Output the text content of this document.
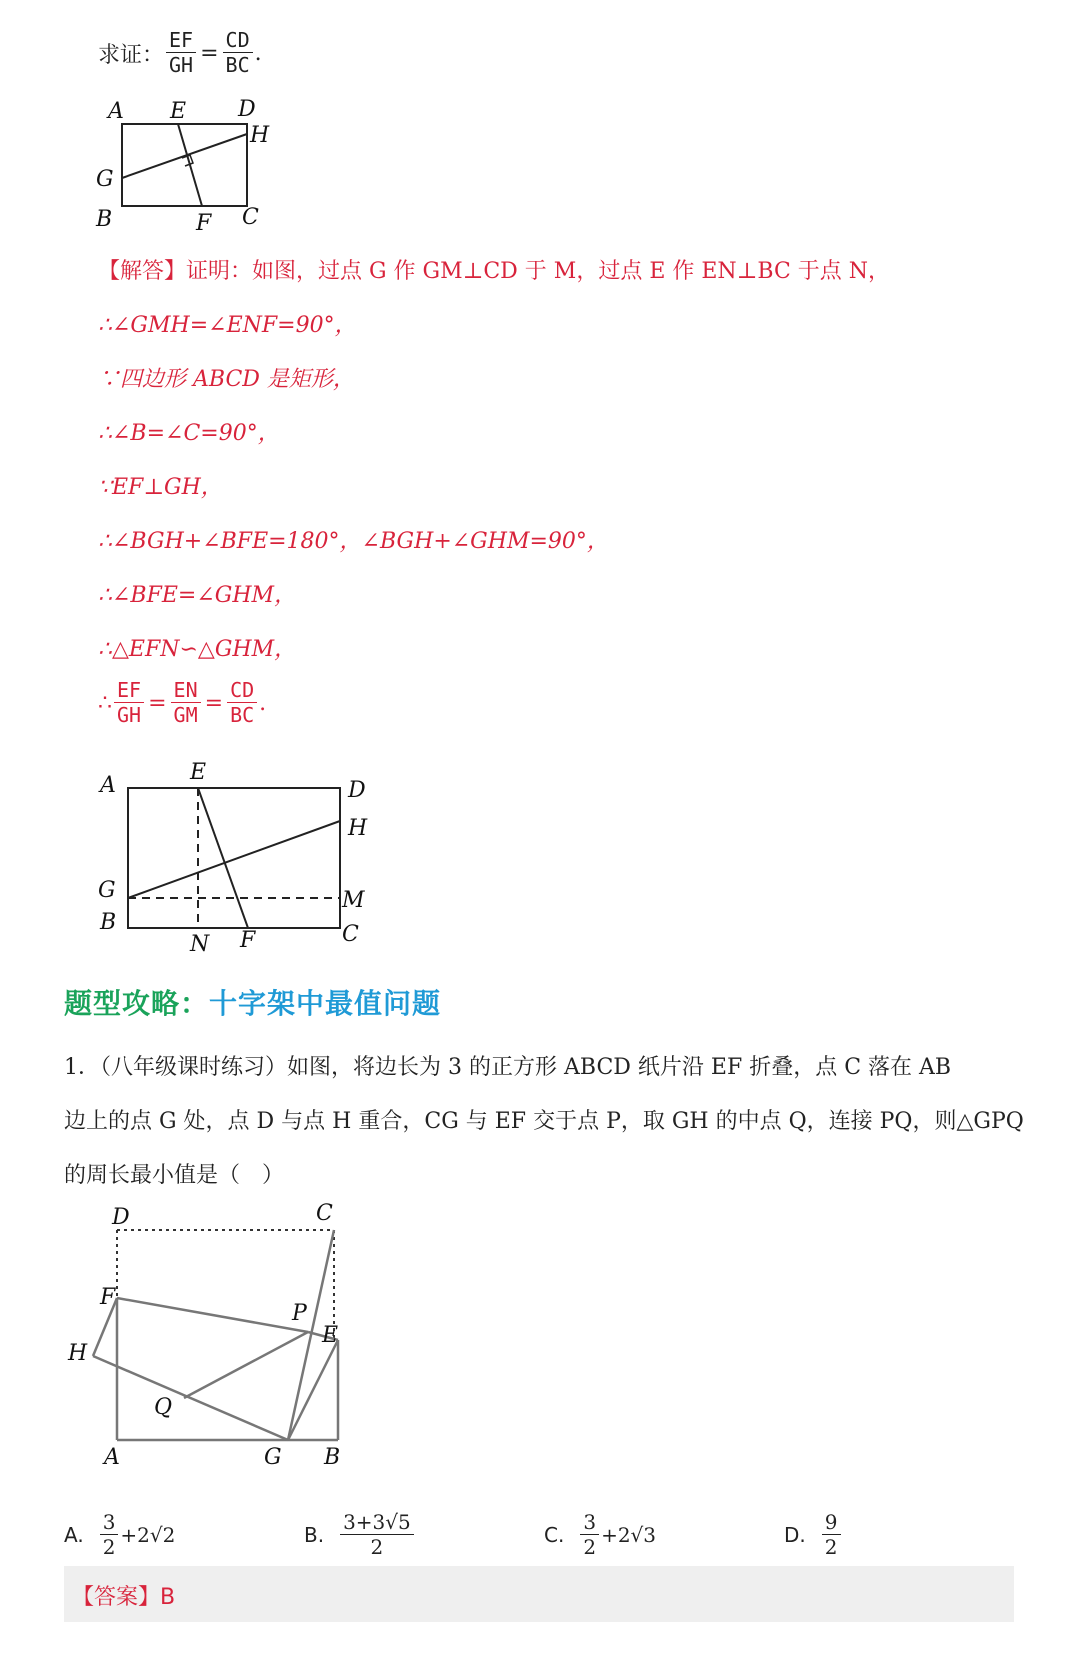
求证： $\frac{EF}{GH} = \frac{CD}{BC}$ .
A E D
H
G
B	F C
【解答】证明：如图，过点 G 作 GM⊥CD 于 M，过点 E 作 EN⊥BC 于点 N，
∴∠GMH=∠ENF=90°，
∵四边形 ABCD 是矩形，
∴∠B=∠C=90°，
∵EF⊥GH，
∴∠BGH+∠BFE=180°，∠BGH+∠GHM=90°，
∴∠BFE=∠GHM，
∴△EFN∽△GHM，
∴ $\frac{EF}{GH} = \frac{EN}{GM} = \frac{CD}{BC}$ .
A
E
D
H
G	M
B
N F	C
题型攻略：十字架中最值问题
1．（八年级课时练习）如图，将边长为 3 的正方形 ABCD 纸片沿 EF 折叠，点 C 落在 AB
边上的点 G 处，点 D 与点 H 重合，CG 与 EF 交于点 P，取 GH 的中点 Q，连接 PQ，则△GPQ
的周长最小值是（　）
D	C
F
P
E
H
Q
A	G B
A. $\frac{3}{2} +2√2$	B. $\frac{3+3√5}{2}$	C. $\frac{3}{2} +2√3$	D. $\frac{9}{2}$
【答案】B
